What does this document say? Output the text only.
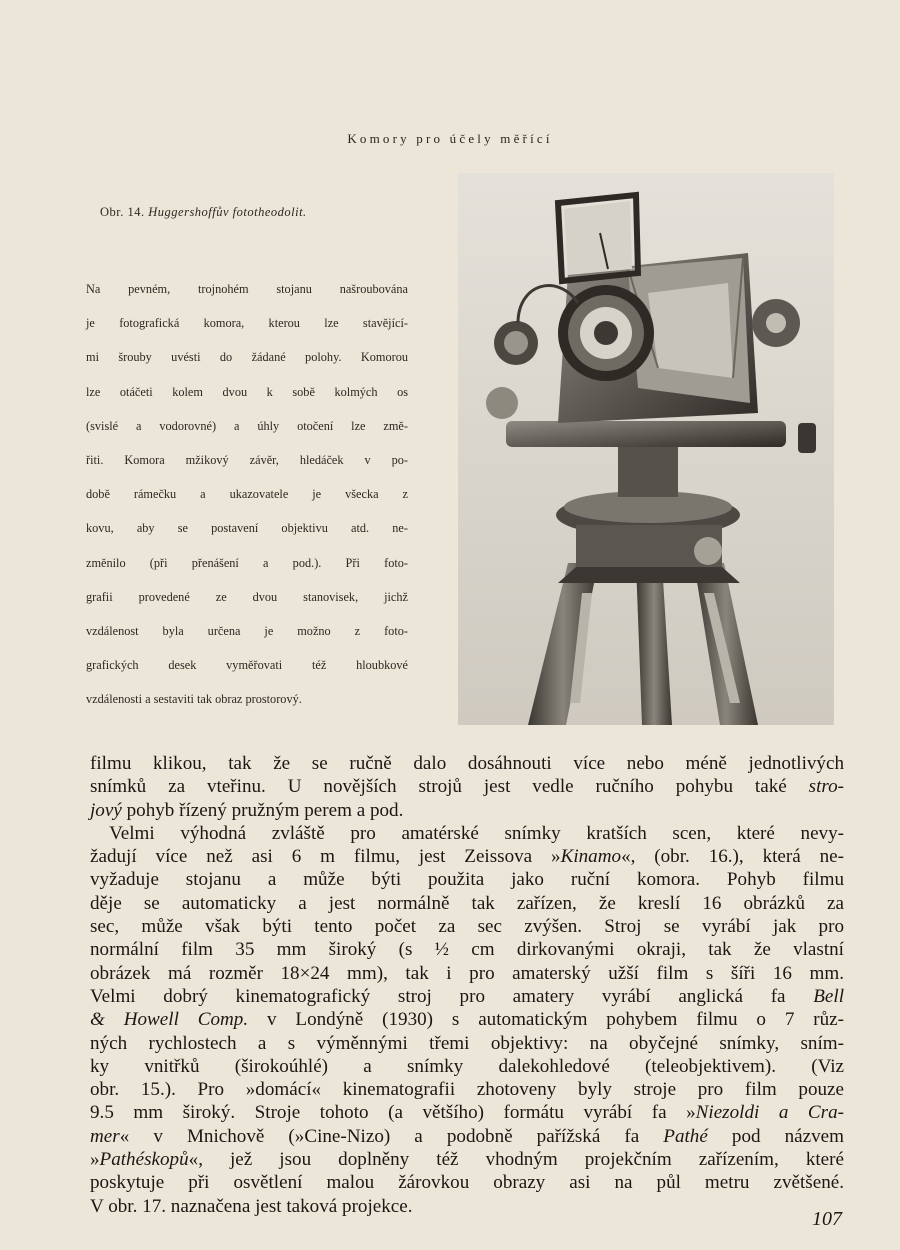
Komory pro účely měřící
Obr. 14. Huggershoffův fototheodolit.

Na pevném, trojnohém stojanu našroubována
je fotografická komora, kterou lze stavějící-
mi šrouby uvésti do žádané polohy. Komorou
lze otáčeti kolem dvou k sobě kolmých os
(svislé a vodorovné) a úhly otočení lze změ-
řiti. Komora mžikový závěr, hledáček v po-
době rámečku a ukazovatele je všecka z
kovu, aby se postavení objektivu atd. ne-
změnilo (při přenášení a pod.). Při foto-
grafii provedené ze dvou stanovisek, jichž
vzdálenost byla určena je možno z foto-
grafických desek vyměřovati též hloubkové
vzdálenosti a sestaviti tak obraz prostorový.

filmu klikou, tak že se ručně dalo dosáhnouti více nebo méně jednotlivých
snímků za vteřinu. U novějších strojů jest vedle ručního pohybu také stro-
jový pohyb řízený pružným perem a pod.
 Velmi výhodná zvláště pro amatérské snímky kratších scen, které nevy-
žadují více než asi 6 m filmu, jest Zeissova »Kinamo«, (obr. 16.), která ne-
vyžaduje stojanu a může býti použita jako ruční komora. Pohyb filmu
děje se automaticky a jest normálně tak zařízen, že kreslí 16 obrázků za
sec, může však býti tento počet za sec zvýšen. Stroj se vyrábí jak pro
normální film 35 mm široký (s ½ cm dirkovanými okraji, tak že vlastní
obrázek má rozměr 18×24 mm), tak i pro amaterský užší film s šíři 16 mm.
Velmi dobrý kinematografický stroj pro amatery vyrábí anglická fa Bell
& Howell Comp. v Londýně (1930) s automatickým pohybem filmu o 7 růz-
ných rychlostech a s výměnnými třemi objektivy: na obyčejné snímky, sním-
ky vnitřků (širokoúhlé) a snímky dalekohledové (teleobjektivem). (Viz
obr. 15.). Pro »domácí« kinematografii zhotoveny byly stroje pro film pouze
9.5 mm široký. Stroje tohoto (a většího) formátu vyrábí fa »Niezoldi a Cra-
mer« v Mnichově (»Cine-Nizo) a podobně pařížská fa Pathé pod názvem
»Pathéskopů«, jež jsou doplněny též vhodným projekčním zařízením, které
poskytuje při osvětlení malou žárovkou obrazy asi na půl metru zvětšené.
V obr. 17. naznačena jest taková projekce.

107
